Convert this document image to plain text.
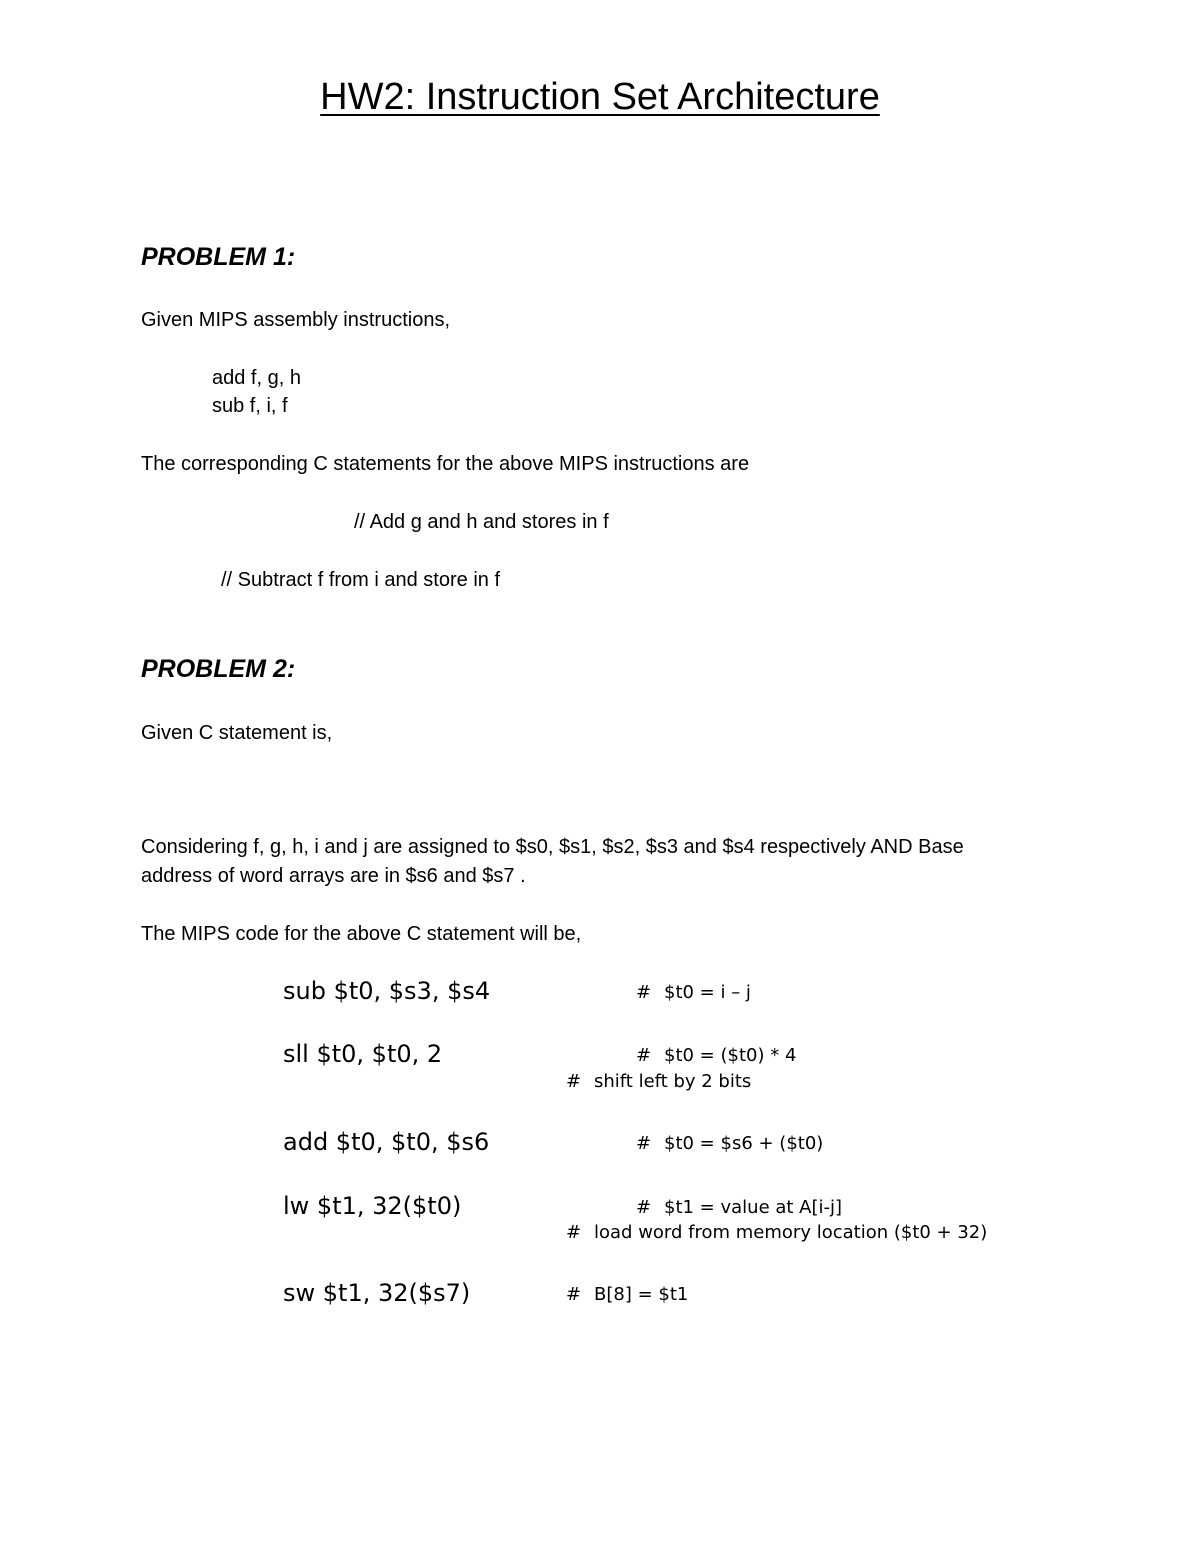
HW2: Instruction Set Architecture
PROBLEM 1:
Given MIPS assembly instructions,
add f, g, h
sub f, i, f
The corresponding C statements for the above MIPS instructions are
// Add g and h and stores in f
// Subtract f from i and store in f
PROBLEM 2:
Given C statement is,
Considering f, g, h, i and j are assigned to $s0, $s1, $s2, $s3 and $s4 respectively AND Base
address of word arrays are in $s6 and $s7 .
The MIPS code for the above C statement will be,
sub $t0, $s3, $s4	# $t0 = i – j
sll $t0, $t0, 2	# $t0 = ($t0) * 4
# shift left by 2 bits
add $t0, $t0, $s6	# $t0 = $s6 + ($t0)
lw $t1, 32($t0)	# $t1 = value at A[i-j]
# load word from memory location ($t0 + 32)
sw $t1, 32($s7)	# B[8] = $t1
